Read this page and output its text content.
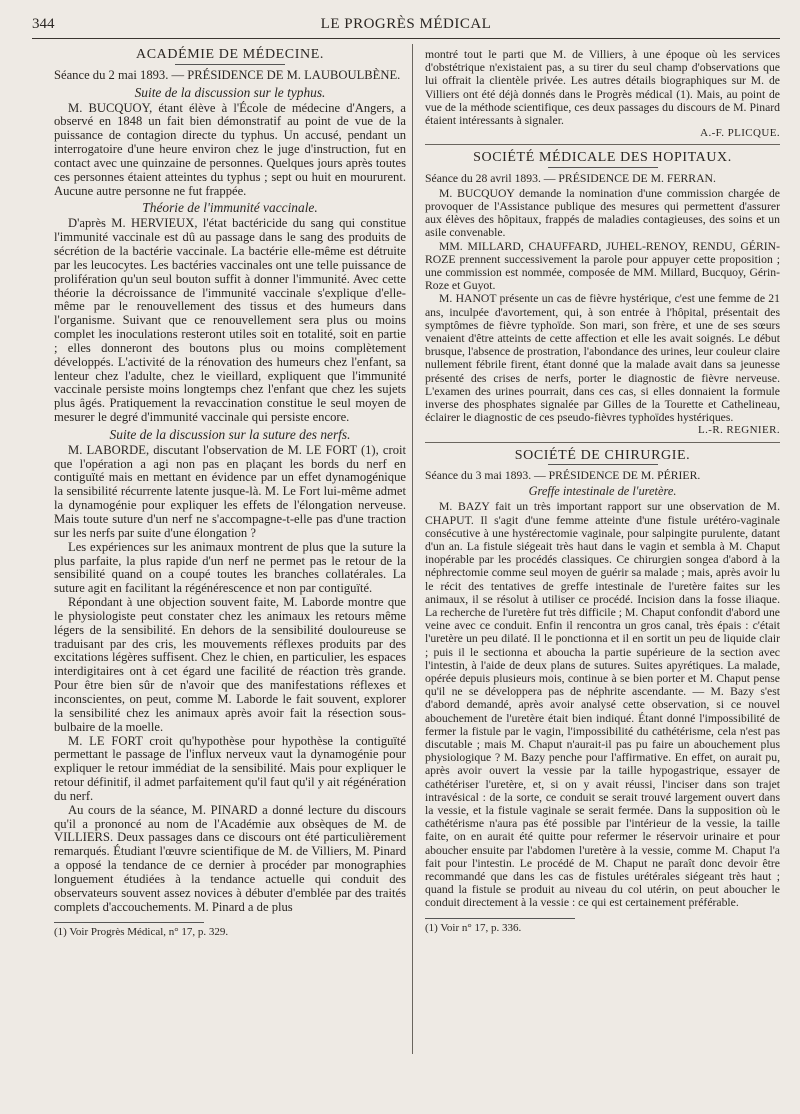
344	LE PROGRÈS MÉDICAL
ACADÉMIE DE MÉDECINE.

Séance du 2 mai 1893. — PRÉSIDENCE DE M. LAUBOULBÈNE.

Suite de la discussion sur le typhus.

M. BUCQUOY, étant élève à l'École de médecine d'Angers, a observé en 1848 un fait bien démonstratif au point de vue de la puissance de contagion directe du typhus. Un accusé, pendant un interrogatoire d'une heure environ chez le juge d'instruction, fut en contact avec une quinzaine de personnes. Quelques jours après toutes ces personnes étaient atteintes du typhus ; sept ou huit en moururent. Aucune autre personne ne fut frappée.

Théorie de l'immunité vaccinale.

D'après M. HERVIEUX, l'état bactéricide du sang qui constitue l'immunité vaccinale est dû au passage dans le sang des produits de sécrétion de la bactérie vaccinale. La bactérie elle-même est détruite par les leucocytes. Les bactéries vaccinales ont une telle puissance de prolifération qu'un seul bouton suffit à donner l'immunité. Avec cette théorie la décroissance de l'immunité vaccinale s'explique d'elle-même par le renouvellement des tissus et des humeurs dans l'organisme. Suivant que ce renouvellement sera plus ou moins complet les inoculations resteront utiles soit en totalité, soit en partie ; elles donneront des boutons plus ou moins complètement développés. L'activité de la rénovation des humeurs chez l'enfant, sa lenteur chez l'adulte, chez le vieillard, expliquent que l'immunité vaccinale persiste moins longtemps chez l'enfant que chez les sujets plus âgés. Pratiquement la revaccination constitue le seul moyen de mesurer le degré d'immunité vaccinale qui persiste encore.

Suite de la discussion sur la suture des nerfs.

M. LABORDE, discutant l'observation de M. LE FORT (1), croit que l'opération a agi non pas en plaçant les bords du nerf en contiguïté mais en mettant en évidence par un effet dynamogénique la sensibilité récurrente latente jusque-là. M. Le Fort lui-même admet la dynamogénie pour expliquer les effets de l'élongation nerveuse. Mais toute suture d'un nerf ne s'accompagne-t-elle pas d'une traction sur les nerfs par suite d'une élongation ?

Les expériences sur les animaux montrent de plus que la suture la plus parfaite, la plus rapide d'un nerf ne permet pas le retour de la sensibilité quand on a coupé toutes les branches collatérales. La suture agit en facilitant la régénérescence et non par contiguïté.

Répondant à une objection souvent faite, M. Laborde montre que le physiologiste peut constater chez les animaux les retours même légers de la sensibilité. En dehors de la sensibilité douloureuse se traduisant par des cris, les mouvements réflexes produits par des excitations légères suffisent. Chez le chien, en particulier, les espaces interdigitaires ont à cet égard une facilité de réaction très grande. Pour être bien sûr de n'avoir que des manifestations réflexes et inconscientes, on peut, comme M. Laborde le fait souvent, explorer la sensibilité chez les animaux après avoir fait la résection sous-bulbaire de la moelle.

M. LE FORT croit qu'hypothèse pour hypothèse la contiguïté permettant le passage de l'influx nerveux vaut la dynamogénie pour expliquer le retour immédiat de la sensibilité. Mais pour expliquer le retour définitif, il admet parfaitement qu'il faut qu'il y ait régénération du nerf.

Au cours de la séance, M. PINARD a donné lecture du discours qu'il a prononcé au nom de l'Académie aux obsèques de M. de VILLIERS. Deux passages dans ce discours ont été particulièrement remarqués. Étudiant l'œuvre scientifique de M. de Villiers, M. Pinard a opposé la tendance de ce dernier à procéder par monographies longuement étudiées à la tendance actuelle qui conduit des observateurs souvent assez novices à débuter d'emblée par des traités complets d'accouchements. M. Pinard a de plus

(1) Voir Progrès Médical, n° 17, p. 329.

montré tout le parti que M. de Villiers, à une époque où les services d'obstétrique n'existaient pas, a su tirer du seul champ d'observations que lui offrait la clientèle privée. Les autres détails biographiques sur M. de Villiers ont été déjà donnés dans le Progrès médical (1). Mais, au point de vue de la méthode scientifique, ces deux passages du discours de M. Pinard étaient intéressants à signaler.

A.-F. PLICQUE.
SOCIÉTÉ MÉDICALE DES HOPITAUX.

Séance du 28 avril 1893. — PRÉSIDENCE DE M. FERRAN.

M. BUCQUOY demande la nomination d'une commission chargée de provoquer de l'Assistance publique des mesures qui permettent d'assurer aux élèves des hôpitaux, frappés de maladies contagieuses, des soins et un asile convenable.

MM. MILLARD, CHAUFFARD, JUHEL-RENOY, RENDU, GÉRIN-ROZE prennent successivement la parole pour appuyer cette proposition ; une commission est nommée, composée de MM. Millard, Bucquoy, Gérin-Roze et Guyot.

M. HANOT présente un cas de fièvre hystérique, c'est une femme de 21 ans, inculpée d'avortement, qui, à son entrée à l'hôpital, présentait des symptômes de fièvre typhoïde. Son mari, son frère, et une de ses sœurs venaient d'être atteints de cette affection et elle les avait soignés. Le début brusque, l'absence de prostration, l'abondance des urines, leur couleur claire nullement fébrile firent, étant donné que la malade avait dans sa jeunesse présenté des crises de nerfs, porter le diagnostic de fièvre nerveuse. L'examen des urines pourrait, dans ces cas, si elles donnaient la formule inverse des phosphates signalée par Gilles de la Tourette et Cathelineau, éclairer le diagnostic de ces pseudo-fièvres typhoïdes hystériques.

L.-R. REGNIER.
SOCIÉTÉ DE CHIRURGIE.

Séance du 3 mai 1893. — PRÉSIDENCE DE M. PÉRIER.

Greffe intestinale de l'uretère.

M. BAZY fait un très important rapport sur une observation de M. CHAPUT. Il s'agit d'une femme atteinte d'une fistule urétéro-vaginale consécutive à une hystérectomie vaginale, pour salpingite purulente, datant d'un an. La fistule siégeait très haut dans le vagin et sembla à M. Chaput inopérable par les procédés classiques. Ce chirurgien songea d'abord à la néphrectomie comme seul moyen de guérir sa malade ; mais, après avoir lu le récit des tentatives de greffe intestinale de l'uretère faites sur les animaux, il se résolut à utiliser ce procédé. Incision dans la fosse iliaque. La recherche de l'uretère fut très difficile ; M. Chaput confondit d'abord une veine avec ce conduit. Enfin il rencontra un gros canal, très épais : c'était l'uretère un peu dilaté. Il le ponctionna et il en sortit un peu de liquide clair ; puis il le sectionna et aboucha la partie supérieure de la section avec l'intestin, à l'aide de deux plans de sutures. Suites apyrétiques. La malade, opérée depuis plusieurs mois, continue à se bien porter et M. Chaput pense qu'il ne se développera pas de néphrite ascendante. — M. Bazy s'est d'abord demandé, après avoir analysé cette observation, si ce nouvel abouchement de l'uretère était bien indiqué. Étant donné l'impossibilité de fermer la fistule par le vagin, l'impossibilité du cathétérisme, cela n'est pas discutable ; mais M. Chaput n'aurait-il pas pu faire un abouchement plus physiologique ? M. Bazy penche pour l'affirmative. En effet, on aurait pu, après avoir ouvert la vessie par la taille hypogastrique, essayer de cathétériser l'uretère, et, si on y avait réussi, l'inciser dans son trajet intravésical : de la sorte, ce conduit se serait trouvé largement ouvert dans la vessie, et la fistule vaginale se serait fermée. Dans la supposition où le cathétérisme n'aura pas été possible par l'intérieur de la vessie, la taille faite, on en aurait été quitte pour refermer le réservoir urinaire et pour aboucher ensuite par l'abdomen l'uretère à la vessie, comme M. Chaput l'a fait pour l'intestin. Le procédé de M. Chaput ne paraît donc devoir être recommandé que dans les cas de fistules urétérales siégeant très haut ; quand la fistule se produit au niveau du col utérin, on peut aboucher le conduit directement à la vessie : ce qui est certainement préférable.

(1) Voir n° 17, p. 336.
